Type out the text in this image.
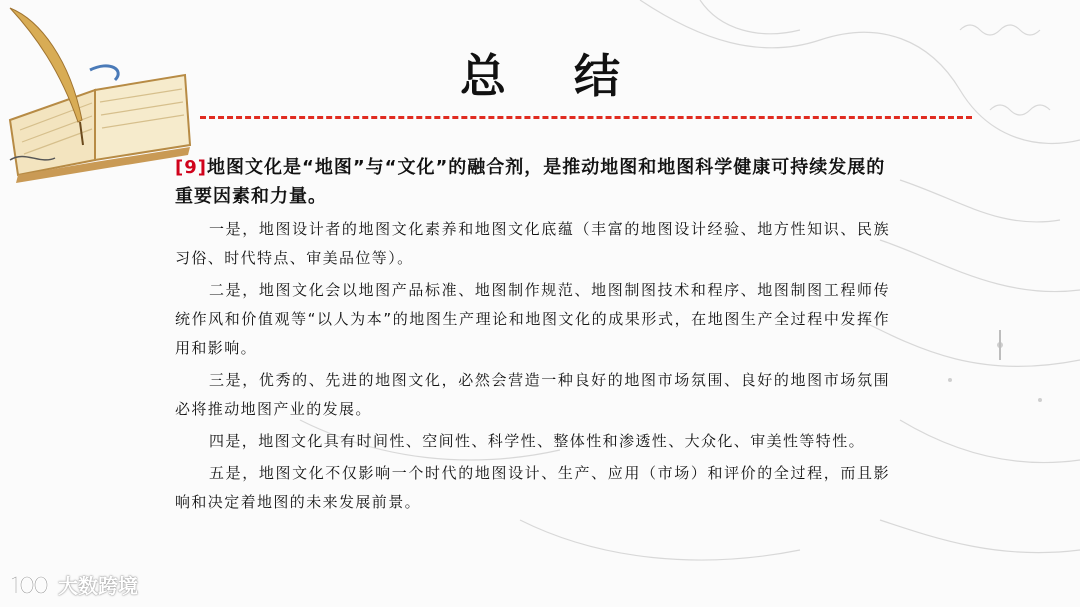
总 结

[9]地图文化是“地图”与“文化”的融合剂，是推动地图和地图科学健康可持续发展的重要因素和力量。

一是，地图设计者的地图文化素养和地图文化底蕴（丰富的地图设计经验、地方性知识、民族习俗、时代特点、审美品位等）。

二是，地图文化会以地图产品标准、地图制作规范、地图制图技术和程序、地图制图工程师传统作风和价值观等“以人为本”的地图生产理论和地图文化的成果形式，在地图生产全过程中发挥作用和影响。

三是，优秀的、先进的地图文化，必然会营造一种良好的地图市场氛围、良好的地图市场氛围必将推动地图产业的发展。

四是，地图文化具有时间性、空间性、科学性、整体性和渗透性、大众化、审美性等特性。

五是，地图文化不仅影响一个时代的地图设计、生产、应用（市场）和评价的全过程，而且影响和决定着地图的未来发展前景。

大数跨境
